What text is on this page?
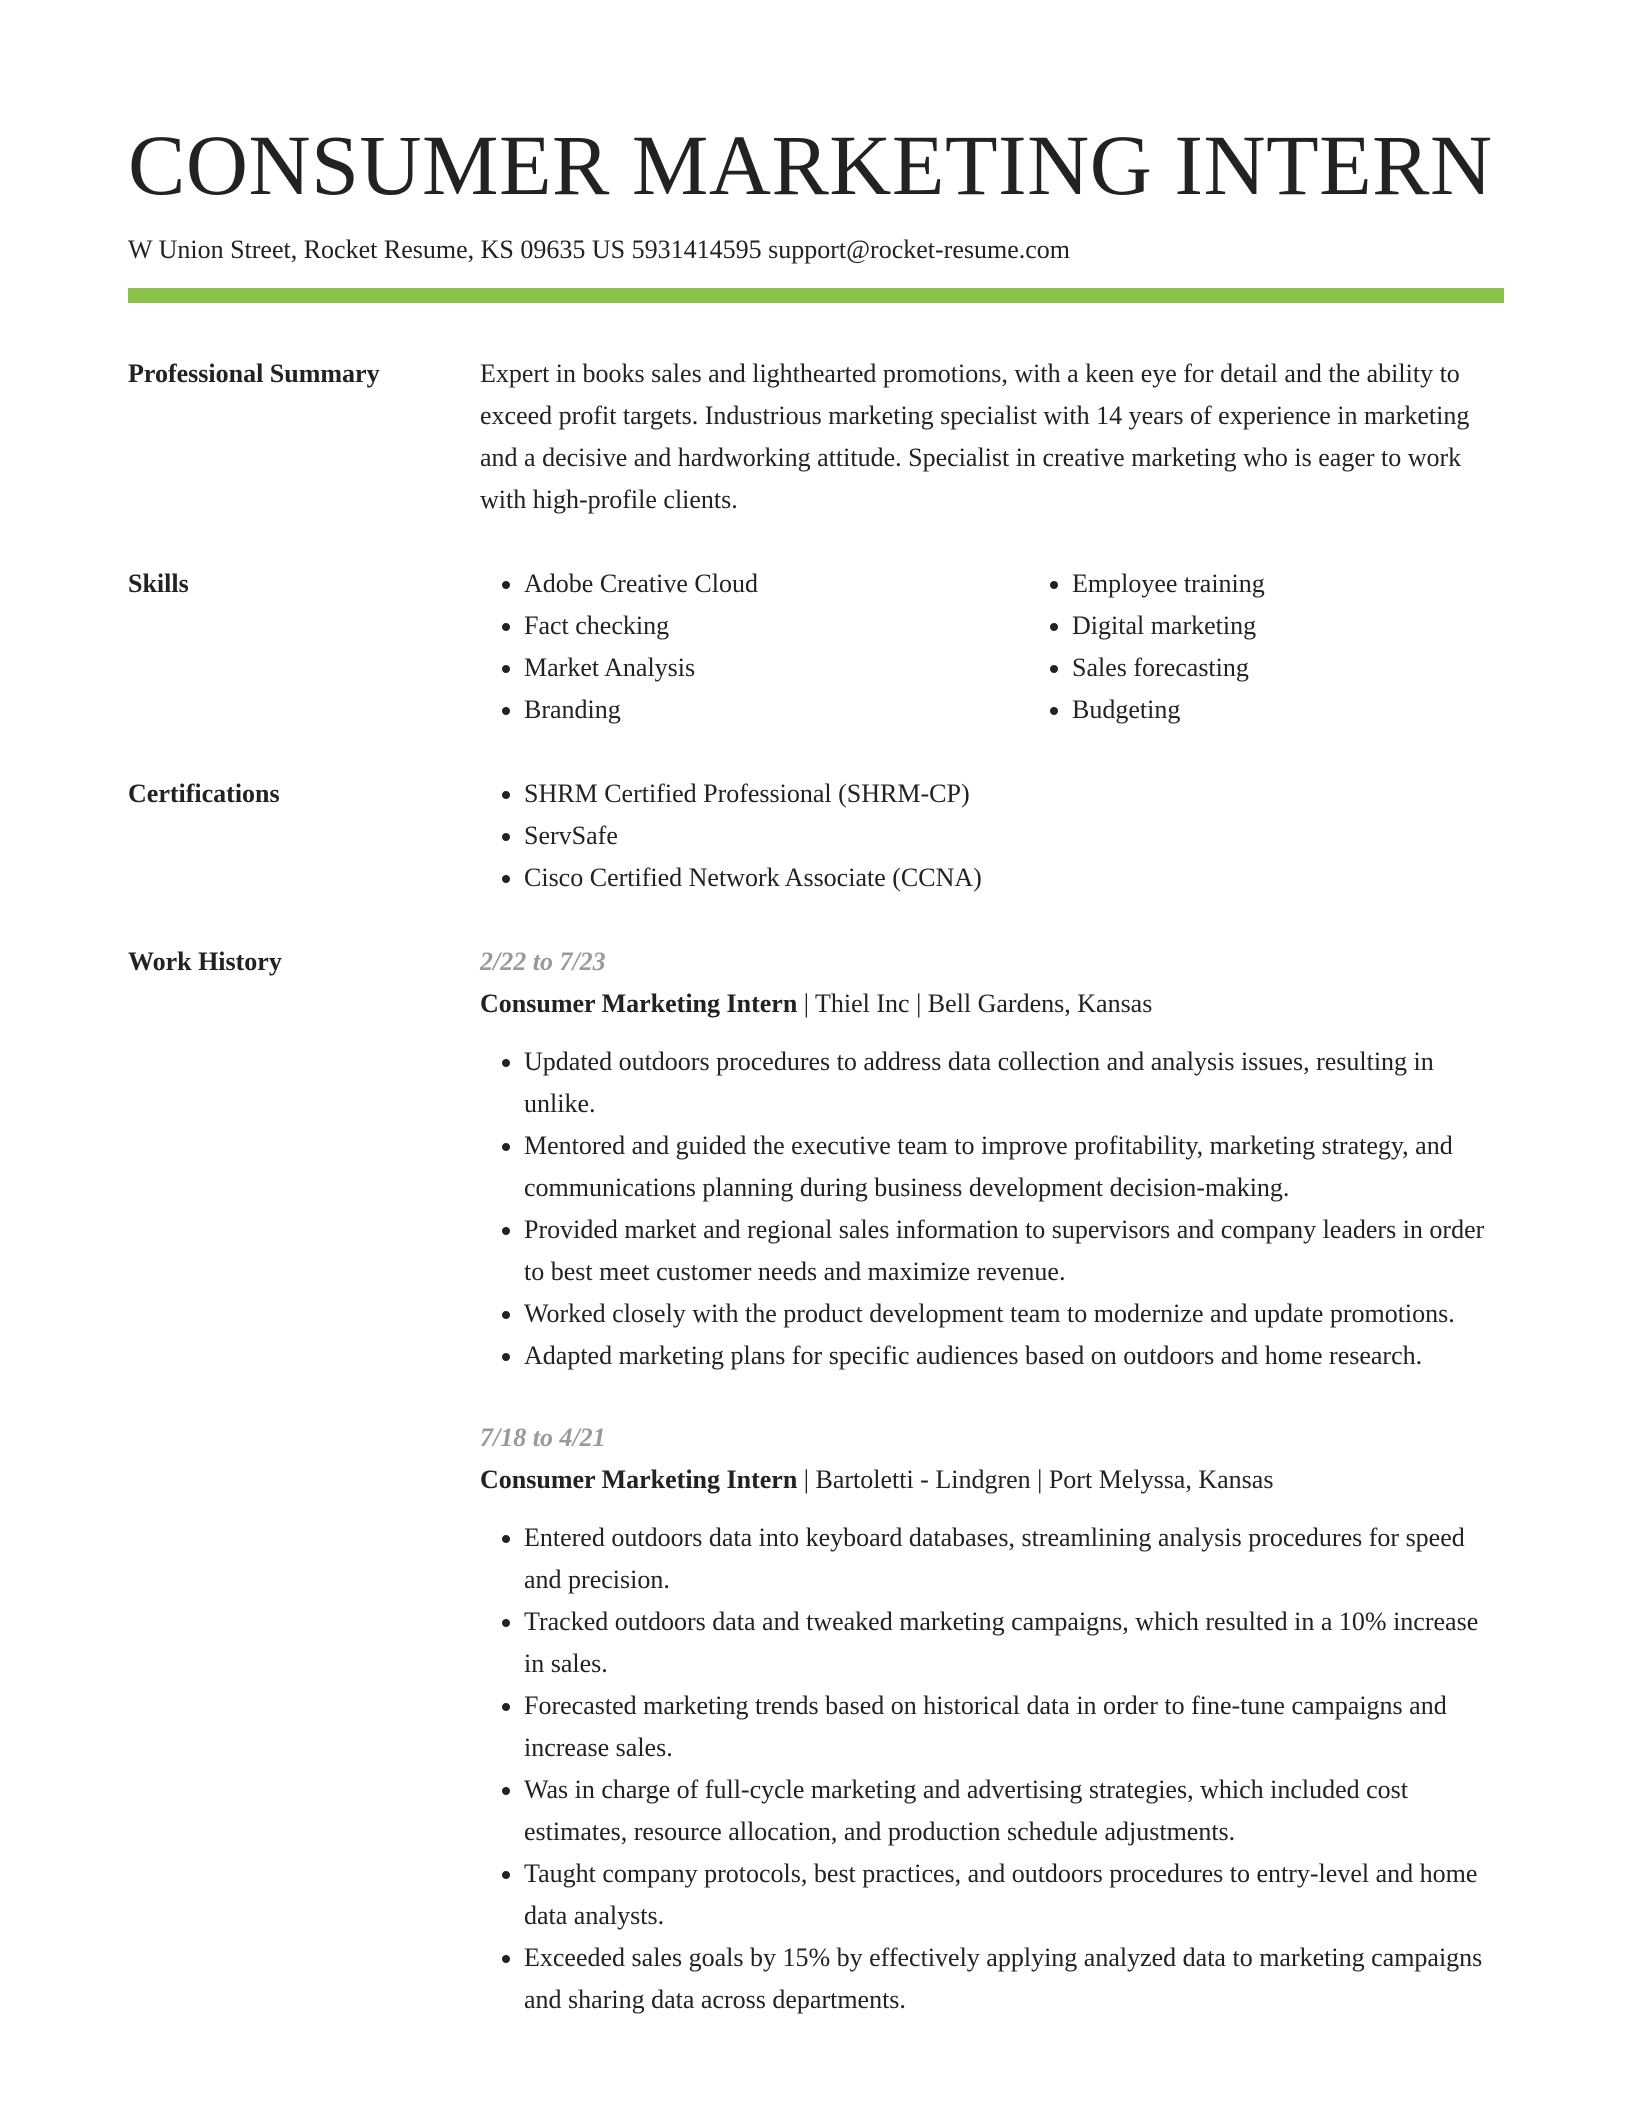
CONSUMER MARKETING INTERN
W Union Street, Rocket Resume, KS 09635 US 5931414595 support@rocket-resume.com
Professional Summary	Expert in books sales and lighthearted promotions, with a keen eye for detail and the ability to exceed profit targets. Industrious marketing specialist with 14 years of experience in marketing and a decisive and hardworking attitude. Specialist in creative marketing who is eager to work with high-profile clients.

Skills	• Adobe Creative Cloud
• Fact checking
• Market Analysis
• Branding
• Employee training
• Digital marketing
• Sales forecasting
• Budgeting
Certifications	• SHRM Certified Professional (SHRM-CP)
• ServSafe
• Cisco Certified Network Associate (CCNA)
Work History	2/22 to 7/23
Consumer Marketing Intern | Thiel Inc | Bell Gardens, Kansas
• Updated outdoors procedures to address data collection and analysis issues, resulting in unlike.
• Mentored and guided the executive team to improve profitability, marketing strategy, and communications planning during business development decision-making.
• Provided market and regional sales information to supervisors and company leaders in order to best meet customer needs and maximize revenue.
• Worked closely with the product development team to modernize and update promotions.
• Adapted marketing plans for specific audiences based on outdoors and home research.
7/18 to 4/21
Consumer Marketing Intern | Bartoletti - Lindgren | Port Melyssa, Kansas
• Entered outdoors data into keyboard databases, streamlining analysis procedures for speed and precision.
• Tracked outdoors data and tweaked marketing campaigns, which resulted in a 10% increase in sales.
• Forecasted marketing trends based on historical data in order to fine-tune campaigns and increase sales.
• Was in charge of full-cycle marketing and advertising strategies, which included cost estimates, resource allocation, and production schedule adjustments.
• Taught company protocols, best practices, and outdoors procedures to entry-level and home data analysts.
• Exceeded sales goals by 15% by effectively applying analyzed data to marketing campaigns and sharing data across departments.
